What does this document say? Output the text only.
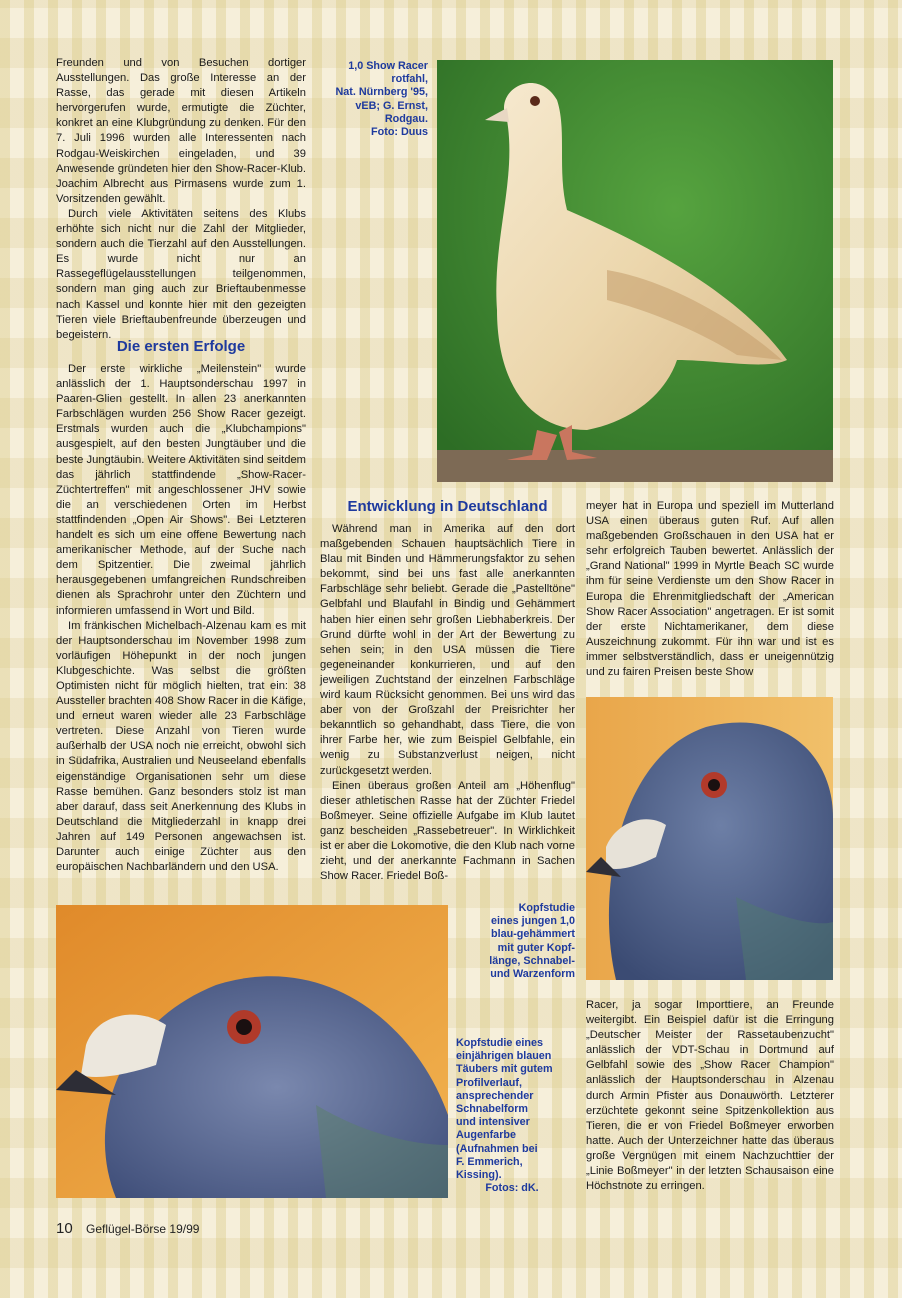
Freunden und von Besuchen dortiger Ausstellungen. Das große Interesse an der Rasse, das gerade mit diesen Artikeln hervorgerufen wurde, ermutigte die Züchter, konkret an eine Klubgründung zu denken. Für den 7. Juli 1996 wurden alle Interessenten nach Rodgau-Weiskirchen eingeladen, und 39 Anwesende gründeten hier den Show-Racer-Klub. Joachim Albrecht aus Pirmasens wurde zum 1. Vorsitzenden gewählt.

Durch viele Aktivitäten seitens des Klubs erhöhte sich nicht nur die Zahl der Mitglieder, sondern auch die Tierzahl auf den Ausstellungen. Es wurde nicht nur an Rassegeflügelausstellungen teilgenommen, sondern man ging auch zur Brieftaubenmesse nach Kassel und konnte hier mit den gezeigten Tieren viele Brieftaubenfreunde überzeugen und begeistern.

Die ersten Erfolge

Der erste wirkliche „Meilenstein" wurde anlässlich der 1. Hauptsonderschau 1997 in Paaren-Glien gestellt. In allen 23 anerkannten Farbschlägen wurden 256 Show Racer gezeigt. Erstmals wurden auch die „Klubchampions" ausgespielt, auf den besten Jungtäuber und die beste Jungtäubin. Weitere Aktivitäten sind seitdem das jährlich stattfindende „Show-Racer-Züchtertreffen" mit angeschlossener JHV sowie die an verschiedenen Orten im Herbst stattfindenden „Open Air Shows". Bei Letzteren handelt es sich um eine offene Bewertung nach amerikanischer Methode, auf der Suche nach dem Spitzentier. Die zweimal jährlich herausgegebenen umfangreichen Rundschreiben dienen als Sprachrohr unter den Züchtern und informieren umfassend in Wort und Bild.

Im fränkischen Michelbach-Alzenau kam es mit der Hauptsonderschau im November 1998 zum vorläufigen Höhepunkt in der noch jungen Klubgeschichte. Was selbst die größten Optimisten nicht für möglich hielten, trat ein: 38 Aussteller brachten 408 Show Racer in die Käfige, und erneut waren wieder alle 23 Farbschläge vertreten. Diese Anzahl von Tieren wurde außerhalb der USA noch nie erreicht, obwohl sich in Südafrika, Australien und Neuseeland ebenfalls eigenständige Organisationen sehr um diese Rasse bemühen. Ganz besonders stolz ist man aber darauf, dass seit Anerkennung des Klubs in Deutschland die Mitgliederzahl in knapp drei Jahren auf 149 Personen angewachsen ist. Darunter auch einige Züchter aus den europäischen Nachbarländern und den USA.

1,0 Show Racer
rotfahl,
Nat. Nürnberg '95,
vEB; G. Ernst,
Rodgau.
Foto: Duus
Entwicklung in Deutschland

Während man in Amerika auf den dort maßgebenden Schauen hauptsächlich Tiere in Blau mit Binden und Hämmerungsfaktor zu sehen bekommt, sind bei uns fast alle anerkannten Farbschläge sehr beliebt. Gerade die „Pastelltöne" Gelbfahl und Blaufahl in Bindig und Gehämmert haben hier einen sehr großen Liebhaberkreis. Der Grund dürfte wohl in der Art der Bewertung zu sehen sein; in den USA müssen die Tiere gegeneinander konkurrieren, und auf den jeweiligen Zuchtstand der einzelnen Farbschläge wird kaum Rücksicht genommen. Bei uns wird das aber von der Großzahl der Preisrichter her bekanntlich so gehandhabt, dass Tiere, die von ihrer Farbe her, wie zum Beispiel Gelbfahle, ein wenig zu Substanzverlust neigen, nicht zurückgesetzt werden.

Einen überaus großen Anteil am „Höhenflug" dieser athletischen Rasse hat der Züchter Friedel Boßmeyer. Seine offizielle Aufgabe im Klub lautet ganz bescheiden „Rassebetreuer". In Wirklichkeit ist er aber die Lokomotive, die den Klub nach vorne zieht, und der anerkannte Fachmann in Sachen Show Racer. Friedel Boß-

meyer hat in Europa und speziell im Mutterland USA einen überaus guten Ruf. Auf allen maßgebenden Großschauen in den USA hat er sehr erfolgreich Tauben bewertet. Anlässlich der „Grand National" 1999 in Myrtle Beach SC wurde ihm für seine Verdienste um den Show Racer in Europa die Ehrenmitgliedschaft der „American Show Racer Association" angetragen. Er ist somit der erste Nichtamerikaner, dem diese Auszeichnung zukommt. Für ihn war und ist es immer selbstverständlich, dass er uneigennützig und zu fairen Preisen beste Show

Kopfstudie
eines jungen 1,0
blau-gehämmert
mit guter Kopf-
länge, Schnabel-
und Warzenform
Kopfstudie eines
einjährigen blauen
Täubers mit gutem
Profilverlauf,
ansprechender
Schnabelform
und intensiver
Augenfarbe
(Aufnahmen bei
F. Emmerich,
Kissing).
Fotos: dK.

Racer, ja sogar Importtiere, an Freunde weitergibt. Ein Beispiel dafür ist die Erringung „Deutscher Meister der Rassetaubenzucht" anlässlich der VDT-Schau in Dortmund auf Gelbfahl sowie des „Show Racer Champion" anlässlich der Hauptsonderschau in Alzenau durch Armin Pfister aus Donauwörth. Letzterer erzüchtete gekonnt seine Spitzenkollektion aus Tieren, die er von Friedel Boßmeyer erworben hatte. Auch der Unterzeichner hatte das überaus große Vergnügen mit einem Nachzuchttier der „Linie Boßmeyer" in der letzten Schausaison eine Höchstnote zu erringen.

10 Geflügel-Börse 19/99
